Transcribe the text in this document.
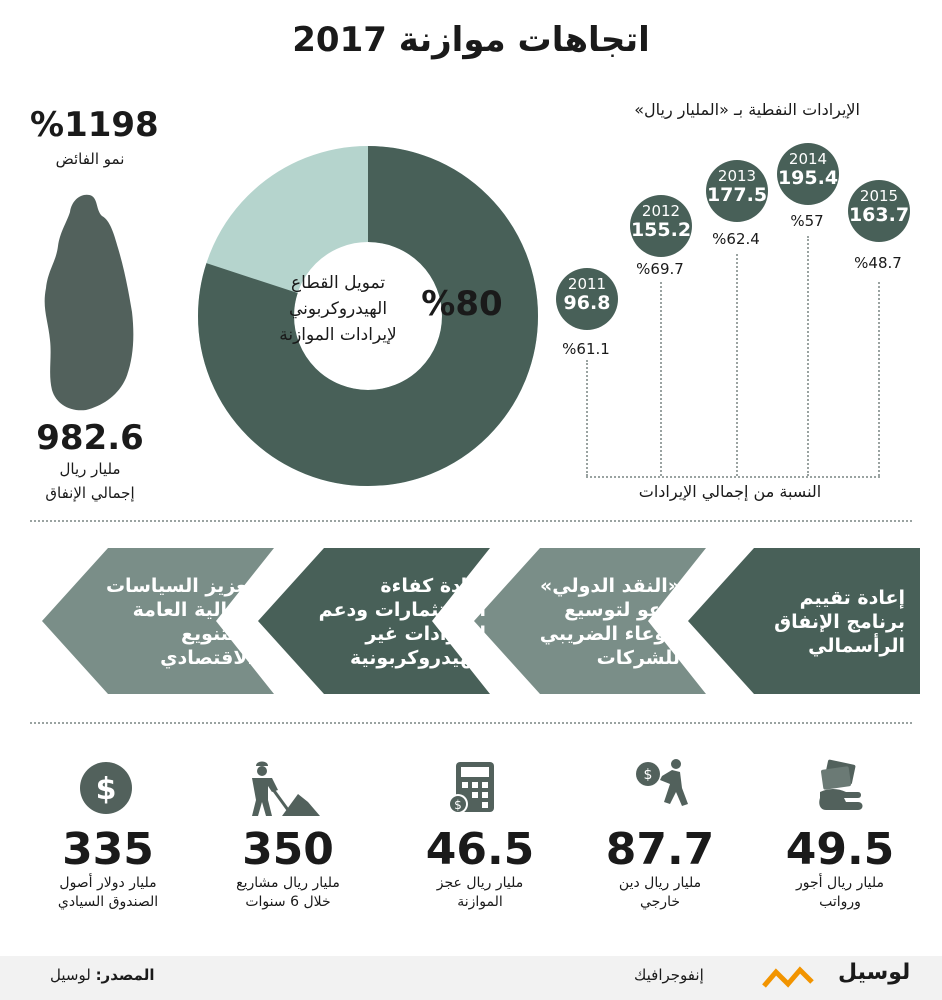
اتجاهات موازنة 2017
%1198
نمو الفائض
982.6
مليار ريال
إجمالي الإنفاق
تمويل القطاع
الهيدروكربوني
لإيرادات الموازنة
%80
الإيرادات النفطية بـ «المليار ريال»
2011
96.8
%61.1
2012
155.2
%69.7
2013
177.5
%62.4
2014
195.4
%57
2015
163.7
%48.7
النسبة من إجمالي الإيرادات
إعادة تقييم
برنامج الإنفاق
الرأسمالي
«النقد الدولي»
يدعو لتوسيع
الوعاء الضريبي
للشركات
زيادة كفاءة
الاستثمارات ودعم
الإيرادات غير
الهيدروكربونية
تعزيز السياسات
المالية العامة
والتنويع
الاقتصادي
$
$
$
49.5
مليار ريال أجور
ورواتب
87.7
مليار ريال دين
خارجي
46.5
مليار ريال عجز
الموازنة
350
مليار ريال مشاريع
خلال 6 سنوات
335
مليار دولار أصول
الصندوق السيادي
المصدر: لوسيل	إنفوجرافيك	لوسيل
